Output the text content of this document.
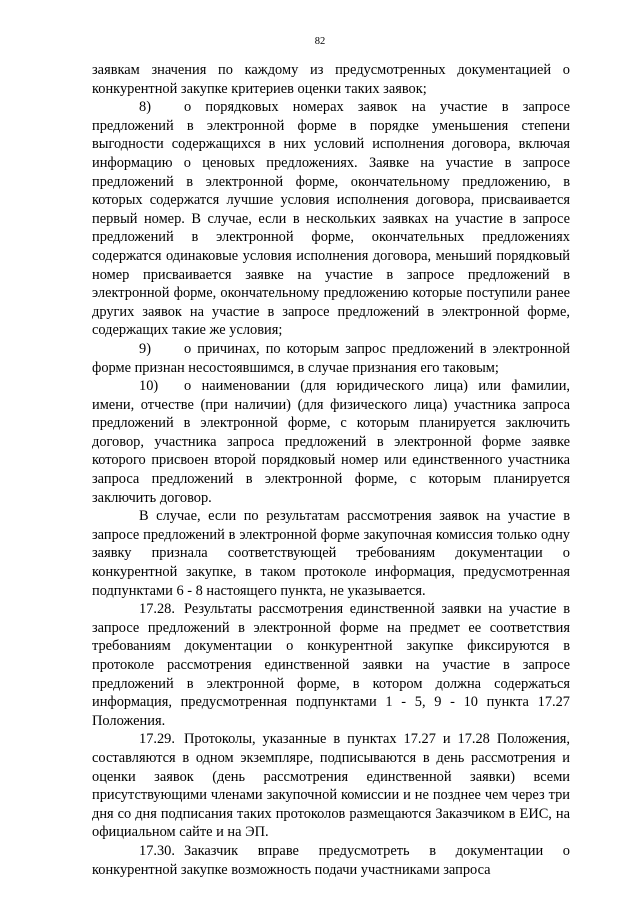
82

заявкам значения по каждому из предусмотренных документацией о конкурентной закупке критериев оценки таких заявок;

8) о порядковых номерах заявок на участие в запросе предложений в электронной форме в порядке уменьшения степени выгодности содержащихся в них условий исполнения договора, включая информацию о ценовых предложениях. Заявке на участие в запросе предложений в электронной форме, окончательному предложению, в которых содержатся лучшие условия исполнения договора, присваивается первый номер. В случае, если в нескольких заявках на участие в запросе предложений в электронной форме, окончательных предложениях содержатся одинаковые условия исполнения договора, меньший порядковый номер присваивается заявке на участие в запросе предложений в электронной форме, окончательному предложению которые поступили ранее других заявок на участие в запросе предложений в электронной форме, содержащих такие же условия;

9) о причинах, по которым запрос предложений в электронной форме признан несостоявшимся, в случае признания его таковым;

10) о наименовании (для юридического лица) или фамилии, имени, отчестве (при наличии) (для физического лица) участника запроса предложений в электронной форме, с которым планируется заключить договор, участника запроса предложений в электронной форме заявке которого присвоен второй порядковый номер или единственного участника запроса предложений в электронной форме, с которым планируется заключить договор.

В случае, если по результатам рассмотрения заявок на участие в запросе предложений в электронной форме закупочная комиссия только одну заявку признала соответствующей требованиям документации о конкурентной закупке, в таком протоколе информация, предусмотренная подпунктами 6 - 8 настоящего пункта, не указывается.

17.28. Результаты рассмотрения единственной заявки на участие в запросе предложений в электронной форме на предмет ее соответствия требованиям документации о конкурентной закупке фиксируются в протоколе рассмотрения единственной заявки на участие в запросе предложений в электронной форме, в котором должна содержаться информация, предусмотренная подпунктами 1 - 5, 9 - 10 пункта 17.27 Положения.

17.29. Протоколы, указанные в пунктах 17.27 и 17.28 Положения, составляются в одном экземпляре, подписываются в день рассмотрения и оценки заявок (день рассмотрения единственной заявки) всеми присутствующими членами закупочной комиссии и не позднее чем через три дня со дня подписания таких протоколов размещаются Заказчиком в ЕИС, на официальном сайте и на ЭП.

17.30. Заказчик вправе предусмотреть в документации о конкурентной закупке возможность подачи участниками запроса
